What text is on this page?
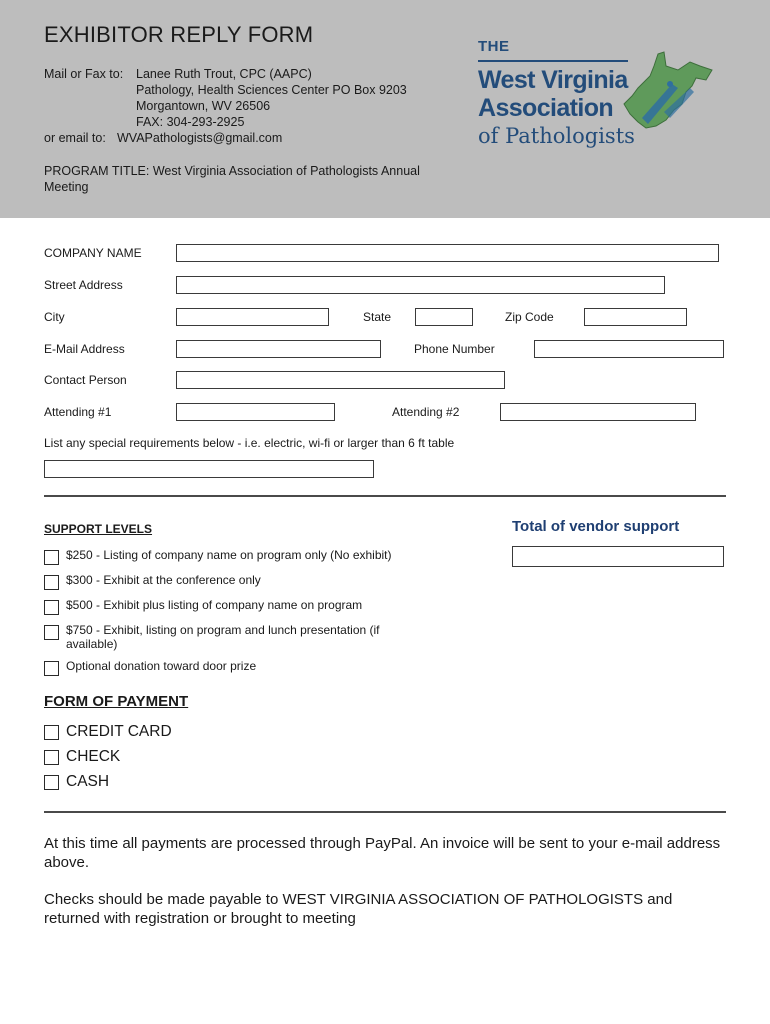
EXHIBITOR REPLY FORM
Mail or Fax to: Lanee Ruth Trout, CPC (AAPC)
Pathology, Health Sciences Center PO Box 9203
Morgantown, WV 26506
FAX: 304-293-2925
or email to: WVAPathologists@gmail.com
PROGRAM TITLE: West Virginia Association of Pathologists Annual Meeting
THE
West Virginia
Association
of Pathologists
COMPANY NAME
Street Address
City	State	Zip Code
E-Mail Address	Phone Number
Contact Person
Attending #1	Attending #2
List any special requirements below - i.e. electric, wi-fi or larger than 6 ft table
SUPPORT LEVELS	Total of vendor support
$250 - Listing of company name on program only (No exhibit)
$300 - Exhibit at the conference only
$500 - Exhibit plus listing of company name on program
$750 - Exhibit, listing on program and lunch presentation (if available)
Optional donation toward door prize
FORM OF PAYMENT
CREDIT CARD
CHECK
CASH
At this time all payments are processed through PayPal. An invoice will be sent to your e-mail address above.
Checks should be made payable to WEST VIRGINIA ASSOCIATION OF PATHOLOGISTS and returned with registration or brought to meeting
